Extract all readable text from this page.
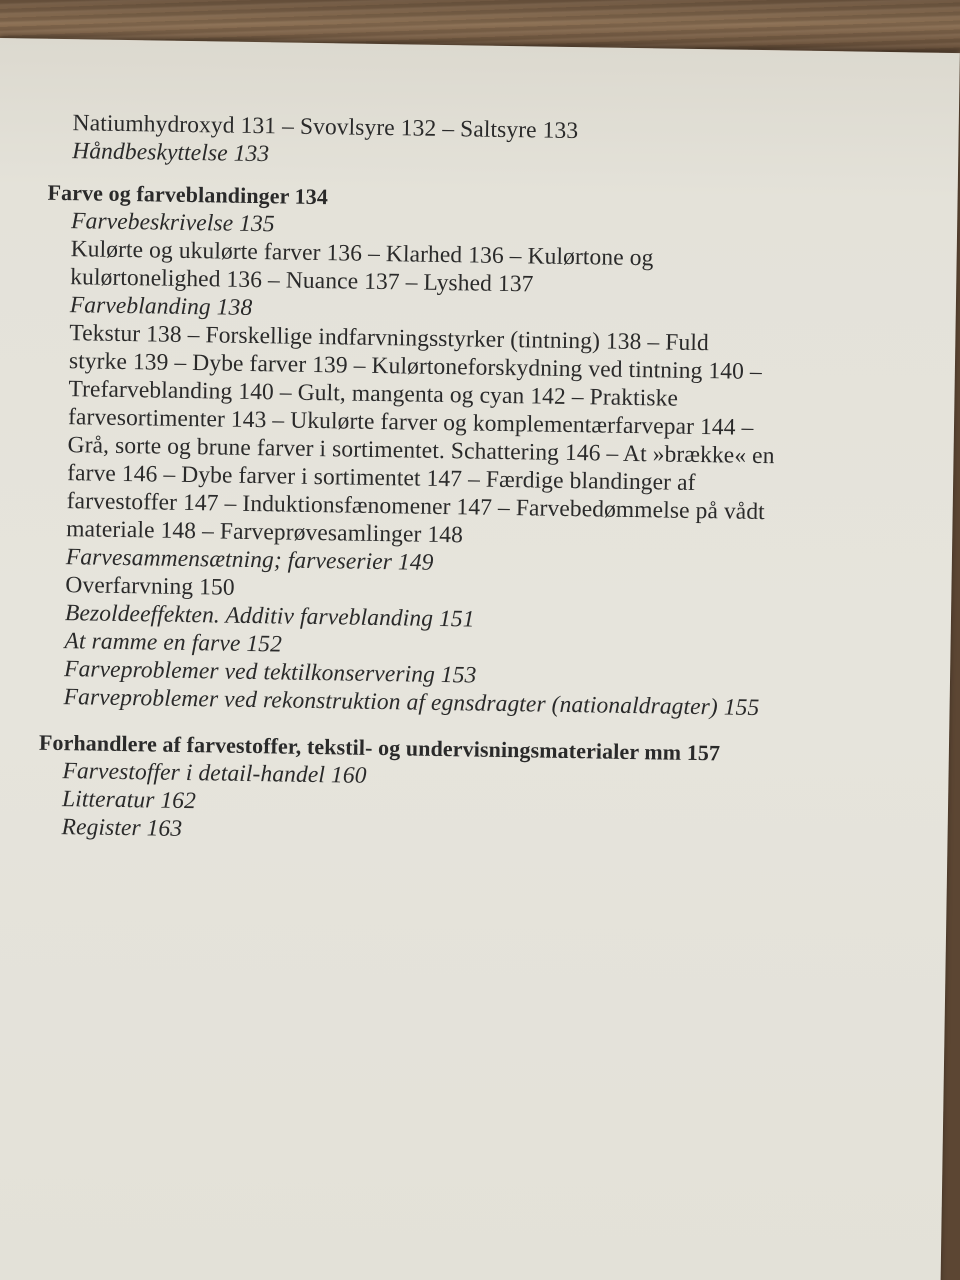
Natiumhydroxyd 131 – Svovlsyre 132 – Saltsyre 133
Håndbeskyttelse 133
Farve og farveblandinger 134
Farvebeskrivelse 135
Kulørte og ukulørte farver 136 – Klarhed 136 – Kulørtone og
kulørtonelighed 136 – Nuance 137 – Lyshed 137
Farveblanding 138
Tekstur 138 – Forskellige indfarvningsstyrker (tintning) 138 – Fuld
styrke 139 – Dybe farver 139 – Kulørtoneforskydning ved tintning 140 –
Trefarveblanding 140 – Gult, mangenta og cyan 142 – Praktiske
farvesortimenter 143 – Ukulørte farver og komplementærfarvepar 144 –
Grå, sorte og brune farver i sortimentet. Schattering 146 – At »brække« en
farve 146 – Dybe farver i sortimentet 147 – Færdige blandinger af
farvestoffer 147 – Induktionsfænomener 147 – Farvebedømmelse på vådt
materiale 148 – Farveprøvesamlinger 148
Farvesammensætning; farveserier 149
Overfarvning 150
Bezoldeeffekten. Additiv farveblanding 151
At ramme en farve 152
Farveproblemer ved tektilkonservering 153
Farveproblemer ved rekonstruktion af egnsdragter (nationaldragter) 155
Forhandlere af farvestoffer, tekstil- og undervisningsmaterialer mm 157
Farvestoffer i detail-handel 160
Litteratur 162
Register 163
